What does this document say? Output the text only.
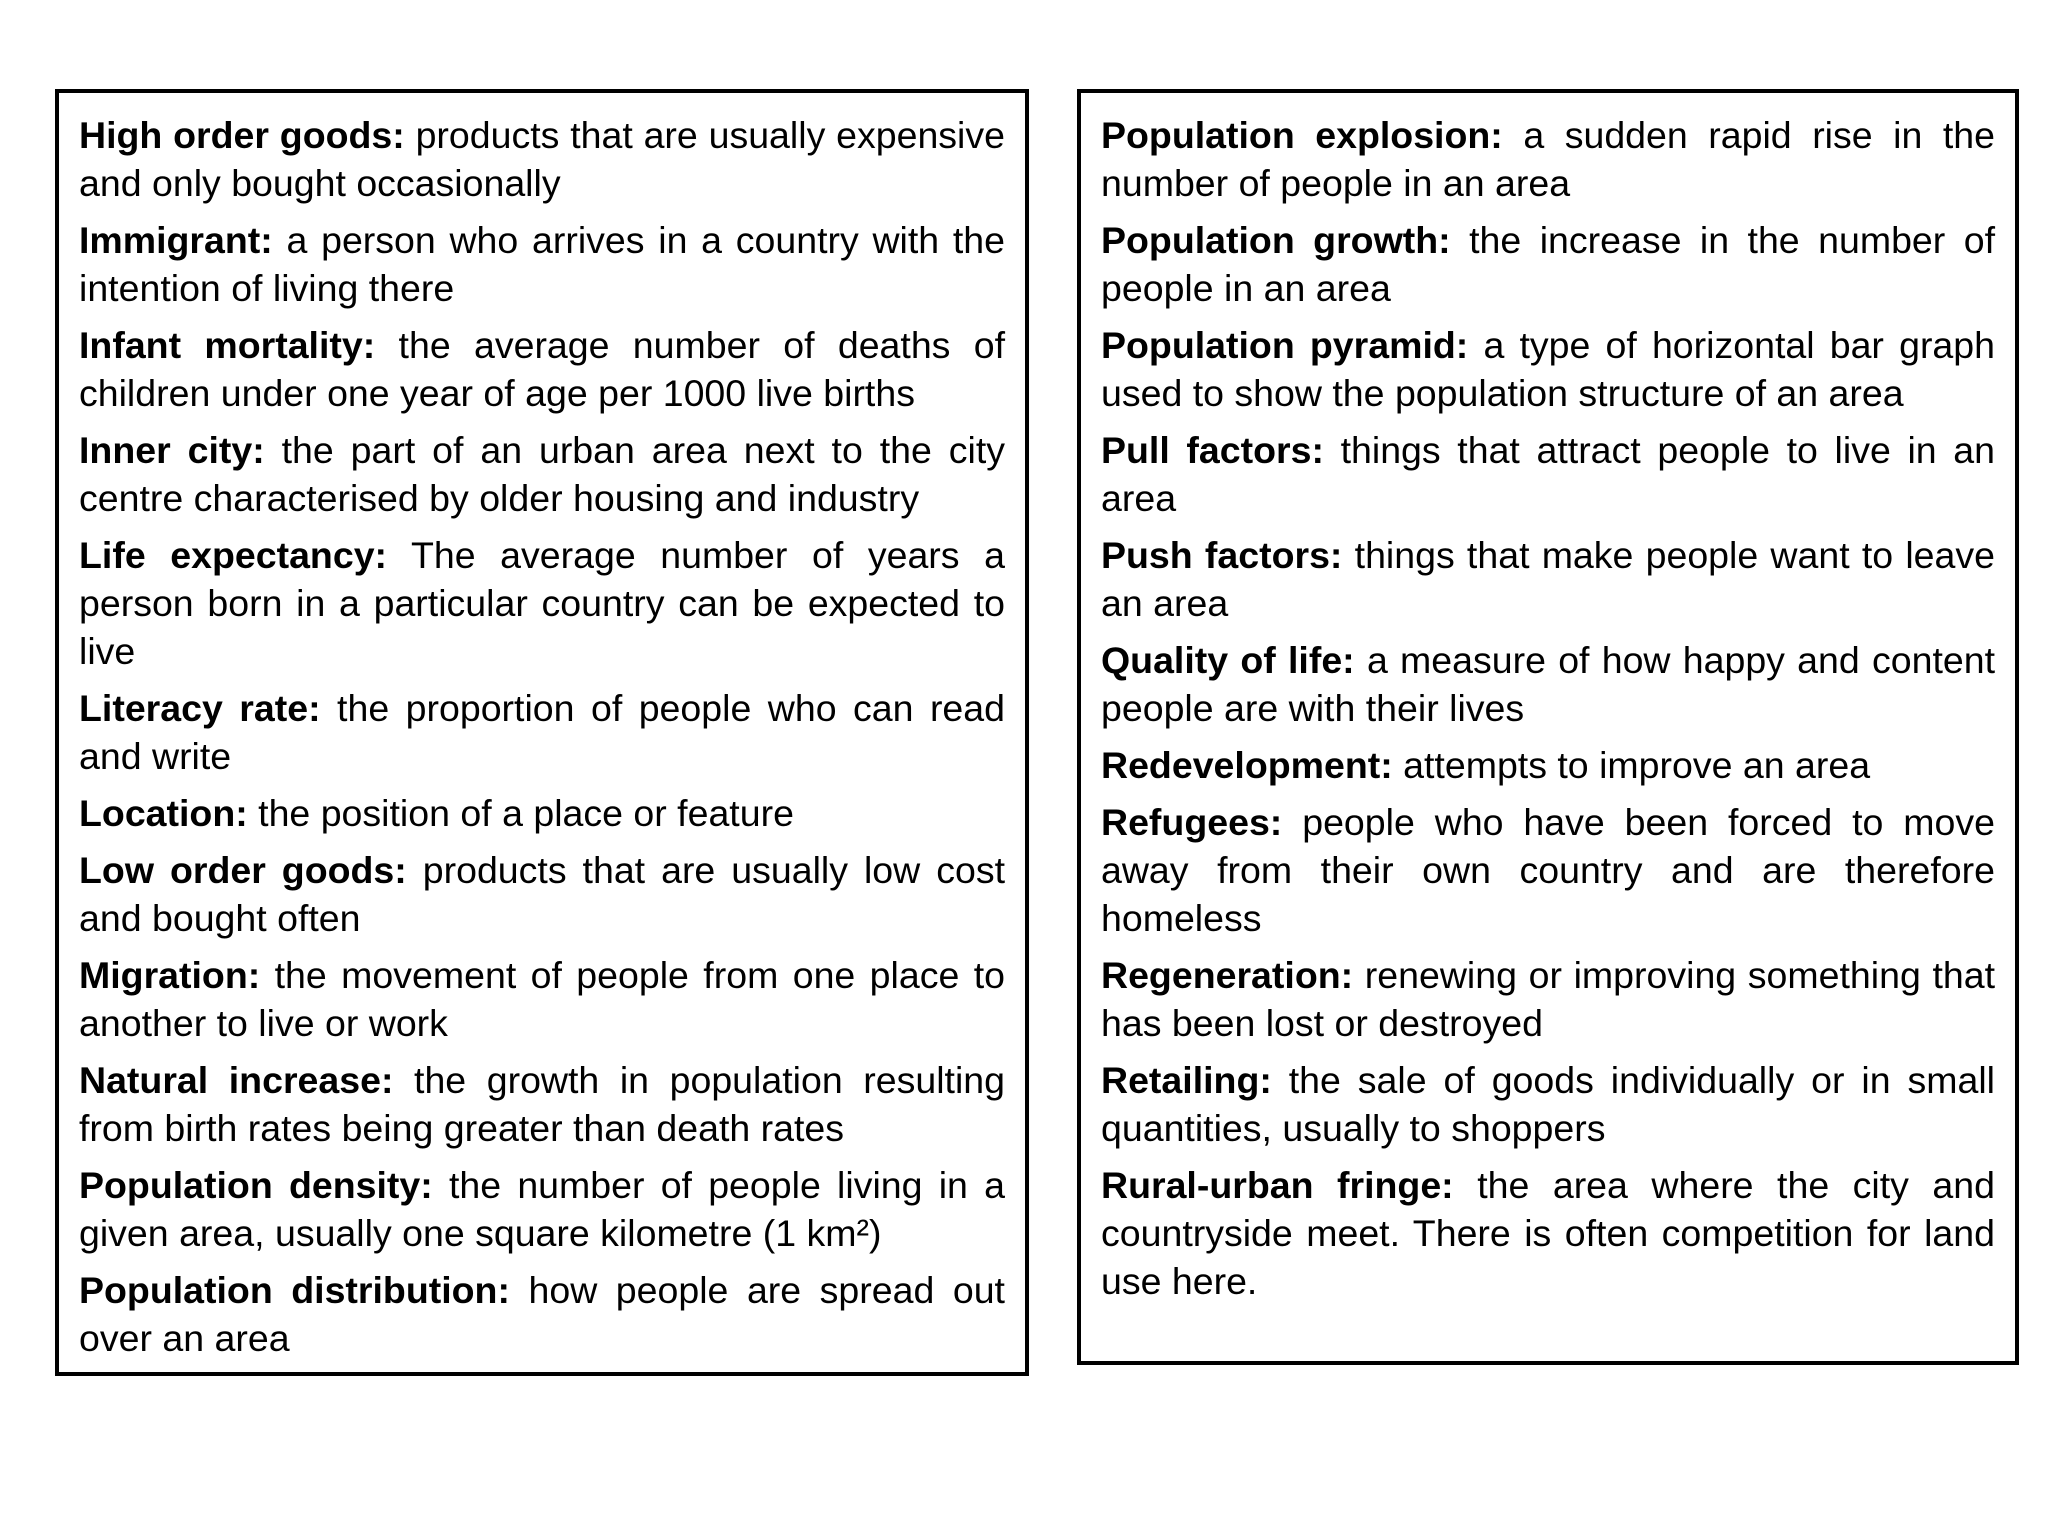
High order goods: products that are usually expensive and only bought occasionally

Immigrant: a person who arrives in a country with the intention of living there

Infant mortality: the average number of deaths of children under one year of age per 1000 live births

Inner city: the part of an urban area next to the city centre characterised by older housing and industry

Life expectancy: The average number of years a person born in a particular country can be expected to live

Literacy rate: the proportion of people who can read and write

Location: the position of a place or feature

Low order goods: products that are usually low cost and bought often

Migration: the movement of people from one place to another to live or work

Natural increase: the growth in population resulting from birth rates being greater than death rates

Population density: the number of people living in a given area, usually one square kilometre (1 km²)

Population distribution: how people are spread out over an area

Population explosion: a sudden rapid rise in the number of people in an area

Population growth: the increase in the number of people in an area

Population pyramid: a type of horizontal bar graph used to show the population structure of an area

Pull factors: things that attract people to live in an area

Push factors: things that make people want to leave an area

Quality of life: a measure of how happy and content people are with their lives

Redevelopment: attempts to improve an area

Refugees: people who have been forced to move away from their own country and are therefore homeless

Regeneration: renewing or improving something that has been lost or destroyed

Retailing: the sale of goods individually or in small quantities, usually to shoppers

Rural-urban fringe: the area where the city and countryside meet. There is often competition for land use here.
